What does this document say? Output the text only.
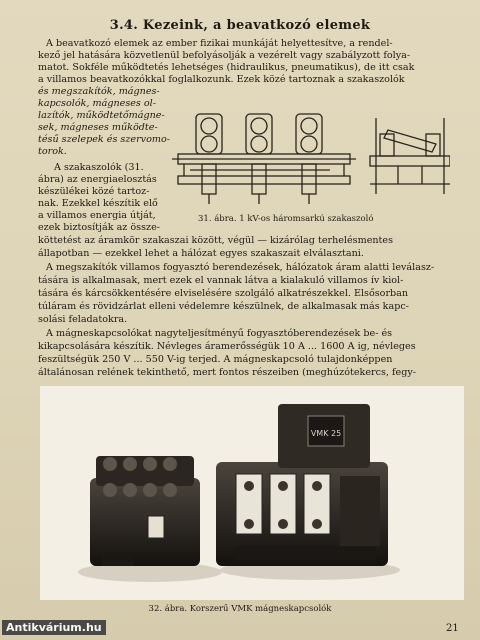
3.4. Kezeink, a beavatkozó elemek
A beavatkozó elemek az ember fizikai munkáját helyettesítve, a rendel-
kező jel hatására közvetlenül befolyásolják a vezérelt vagy szabályzott folya-
matot. Sokféle működtetés lehetséges (hidraulikus, pneumatikus), de itt csak
a villamos beavatkozókkal foglalkozunk. Ezek közé tartoznak a szakaszolók
és megszakítók, mágnes-
kapcsolók, mágneses ol-
lazítók, működtetőmágne-
sek, mágneses működte-
tésű szelepek és szervomo-
torok.
A szakaszolók (31.
ábra) az energiaelosztás
készülékei közé tartoz-
nak. Ezekkel készítik elő
a villamos energia útját,
ezek biztosítják az össze-
köttetést az áramkör szakaszai között, végül — kizárólag terhelésmentes
állapotban — ezekkel lehet a hálózat egyes szakaszait elválasztani.
A megszakítók villamos fogyasztó berendezések, hálózatok áram alatti leválasz-
tására is alkalmasak, mert ezek el vannak látva a kialakuló villamos ív kiol-
tására és kárcsökkentésére elviselésére szolgáló alkatrészekkel. Elsősorban
túláram és rövidzárlat elleni védelemre készülnek, de alkalmasak más kapc-
solási feladatokra.
A mágneskapcsolókat nagyteljesítményű fogyasztóberendezések be- és
kikapcsolására készítik. Névleges áramerősségük 10 A ... 1600 A ig, névleges
feszültségük 250 V ... 550 V-ig terjed. A mágneskapcsoló tulajdonképpen
általánosan relének tekinthető, mert fontos részeiben (meghúzótekercs, fegy-
31. ábra. 1 kV-os háromsarkú szakaszoló
VMK 25
32. ábra. Korszerű VMK mágneskapcsolók
Antikvárium.hu	21
